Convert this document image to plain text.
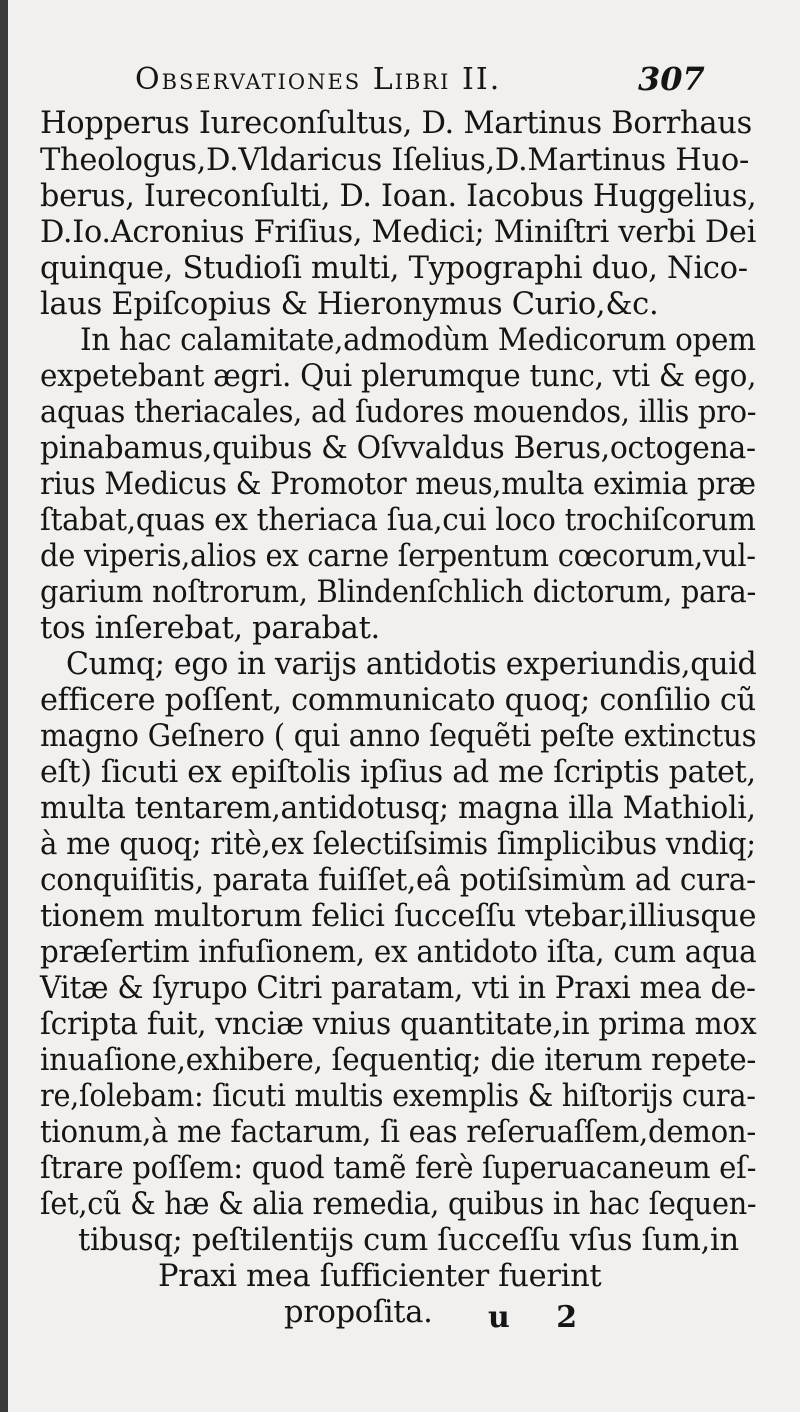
Observationes Libri II.	307
Hopperus Iureconſultus, D. Martinus Borrhaus
Theologus,D.Vldaricus Iſelius,D.Martinus Huo-
berus, Iureconſulti, D. Ioan. Iacobus Huggelius,
D.Io.Acronius Friſius, Medici; Miniſtri verbi Dei
quinque, Studioſi multi, Typographi duo, Nico-
laus Epiſcopius & Hieronymus Curio,&c.
In hac calamitate,admodùm Medicorum opem
expetebant ægri. Qui plerumque tunc, vti & ego,
aquas theriacales, ad ſudores mouendos, illis pro-
pinabamus,quibus & Oſvvaldus Berus,octogena-
rius Medicus & Promotor meus,multa eximia præ
ſtabat,quas ex theriaca ſua,cui loco trochiſcorum
de viperis,alios ex carne ſerpentum cœcorum,vul-
garium noſtrorum, Blindenſchlich dictorum, para-
tos inſerebat, parabat.
Cumq; ego in varijs antidotis experiundis,quid
efficere poſſent, communicato quoq; conſilio cũ
magno Geſnero ( qui anno ſequẽti peſte extinctus
eſt) ſicuti ex epiſtolis ipſius ad me ſcriptis patet,
multa tentarem,antidotusq; magna illa Mathioli,
à me quoq; ritè,ex ſelectiſsimis ſimplicibus vndiq;
conquiſitis, parata fuiſſet,eâ potiſsimùm ad cura-
tionem multorum felici ſucceſſu vtebar,illiusque
præſertim infuſionem, ex antidoto iſta, cum aqua
Vitæ & ſyrupo Citri paratam, vti in Praxi mea de-
ſcripta fuit, vnciæ vnius quantitate,in prima mox
inuaſione,exhibere, ſequentiq; die iterum repete-
re,ſolebam: ſicuti multis exemplis & hiſtorijs cura-
tionum,à me factarum, ſi eas reſeruaſſem,demon-
ſtrare poſſem: quod tamẽ ferè ſuperuacaneum eſ-
ſet,cũ & hæ & alia remedia, quibus in hac ſequen-
tibusq; peſtilentijs cum ſucceſſu vſus ſum,in
Praxi mea ſufficienter fuerint
propoſita. u 2
